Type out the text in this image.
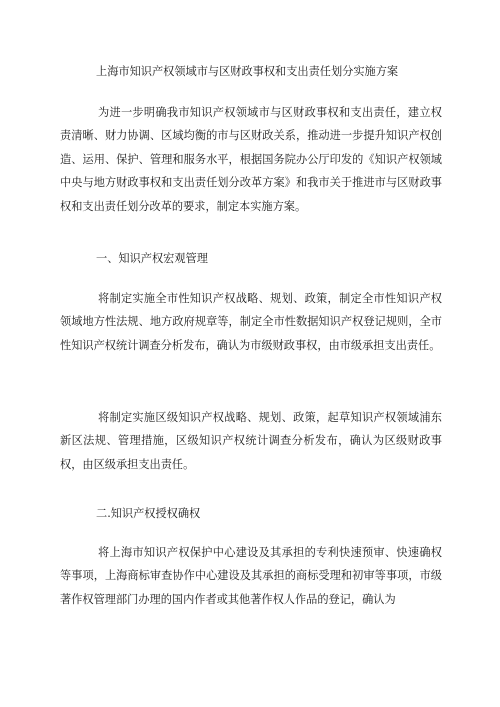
上海市知识产权领域市与区财政事权和支出责任划分实施方案

为进一步明确我市知识产权领域市与区财政事权和支出责任，建立权责清晰、财力协调、区域均衡的市与区财政关系，推动进一步提升知识产权创造、运用、保护、管理和服务水平，根据国务院办公厅印发的《知识产权领域中央与地方财政事权和支出责任划分改革方案》和我市关于推进市与区财政事权和支出责任划分改革的要求，制定本实施方案。

一、知识产权宏观管理

将制定实施全市性知识产权战略、规划、政策，制定全市性知识产权领域地方性法规、地方政府规章等，制定全市性数据知识产权登记规则，全市性知识产权统计调查分析发布，确认为市级财政事权，由市级承担支出责任。

将制定实施区级知识产权战略、规划、政策，起草知识产权领域浦东新区法规、管理措施，区级知识产权统计调查分析发布，确认为区级财政事权，由区级承担支出责任。

二.知识产权授权确权

将上海市知识产权保护中心建设及其承担的专利快速预审、快速确权等事项，上海商标审查协作中心建设及其承担的商标受理和初审等事项，市级著作权管理部门办理的国内作者或其他著作权人作品的登记，确认为
